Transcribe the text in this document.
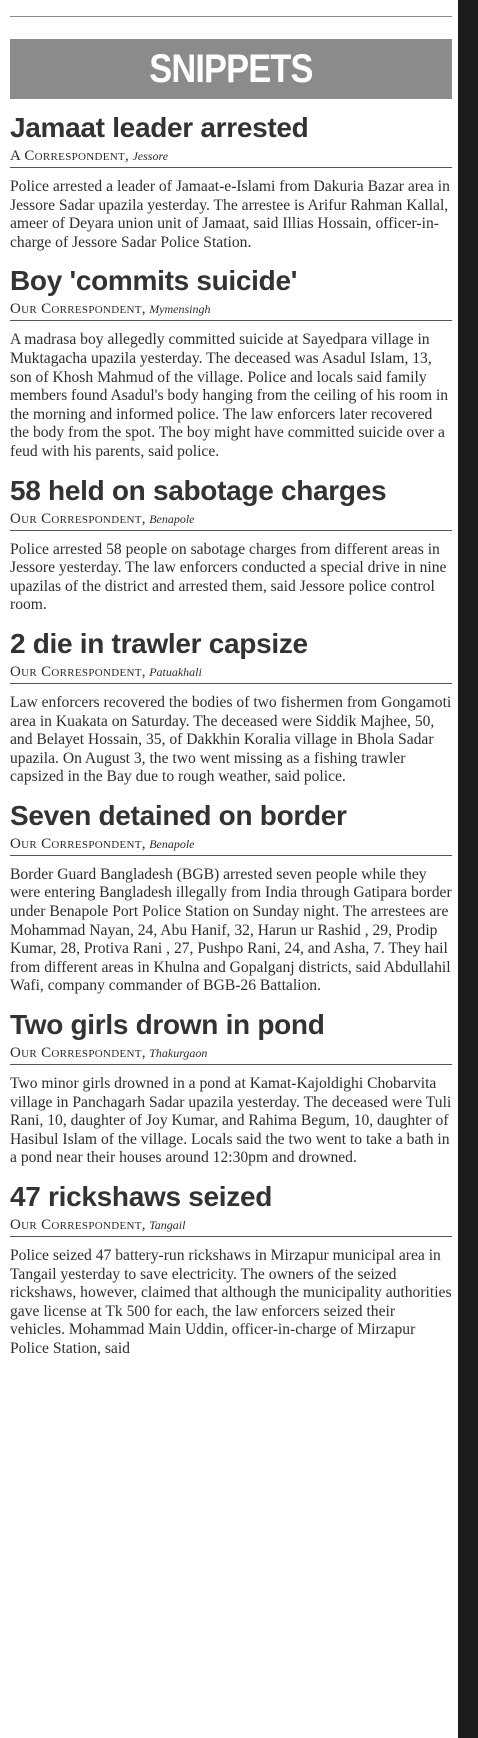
SNIPPETS
Jamaat leader arrested
A Correspondent, Jessore

Police arrested a leader of Jamaat-e-Islami from Dakuria Bazar area in Jessore Sadar upazila yesterday. The arrestee is Arifur Rahman Kallal, ameer of Deyara union unit of Jamaat, said Illias Hossain, officer-in-charge of Jessore Sadar Police Station.

Boy 'commits suicide'
Our Correspondent, Mymensingh

A madrasa boy allegedly committed suicide at Sayedpara village in Muktagacha upazila yesterday. The deceased was Asadul Islam, 13, son of Khosh Mahmud of the village. Police and locals said family members found Asadul's body hanging from the ceiling of his room in the morning and informed police. The law enforcers later recovered the body from the spot. The boy might have committed suicide over a feud with his parents, said police.

58 held on sabotage charges
Our Correspondent, Benapole

Police arrested 58 people on sabotage charges from different areas in Jessore yesterday. The law enforcers conducted a special drive in nine upazilas of the district and arrested them, said Jessore police control room.

2 die in trawler capsize
Our Correspondent, Patuakhali

Law enforcers recovered the bodies of two fishermen from Gongamoti area in Kuakata on Saturday. The deceased were Siddik Majhee, 50, and Belayet Hossain, 35, of Dakkhin Koralia village in Bhola Sadar upazila. On August 3, the two went missing as a fishing trawler capsized in the Bay due to rough weather, said police.

Seven detained on border
Our Correspondent, Benapole

Border Guard Bangladesh (BGB) arrested seven people while they were entering Bangladesh illegally from India through Gatipara border under Benapole Port Police Station on Sunday night. The arrestees are Mohammad Nayan, 24, Abu Hanif, 32, Harun ur Rashid , 29, Prodip Kumar, 28, Protiva Rani , 27, Pushpo Rani, 24, and Asha, 7. They hail from different areas in Khulna and Gopalganj districts, said Abdullahil Wafi, company commander of BGB-26 Battalion.

Two girls drown in pond
Our Correspondent, Thakurgaon

Two minor girls drowned in a pond at Kamat-Kajoldighi Chobarvita village in Panchagarh Sadar upazila yesterday. The deceased were Tuli Rani, 10, daughter of Joy Kumar, and Rahima Begum, 10, daughter of Hasibul Islam of the village. Locals said the two went to take a bath in a pond near their houses around 12:30pm and drowned.

47 rickshaws seized
Our Correspondent, Tangail

Police seized 47 battery-run rickshaws in Mirzapur municipal area in Tangail yesterday to save electricity. The owners of the seized rickshaws, however, claimed that although the municipality authorities gave license at Tk 500 for each, the law enforcers seized their vehicles. Mohammad Main Uddin, officer-in-charge of Mirzapur Police Station, said
